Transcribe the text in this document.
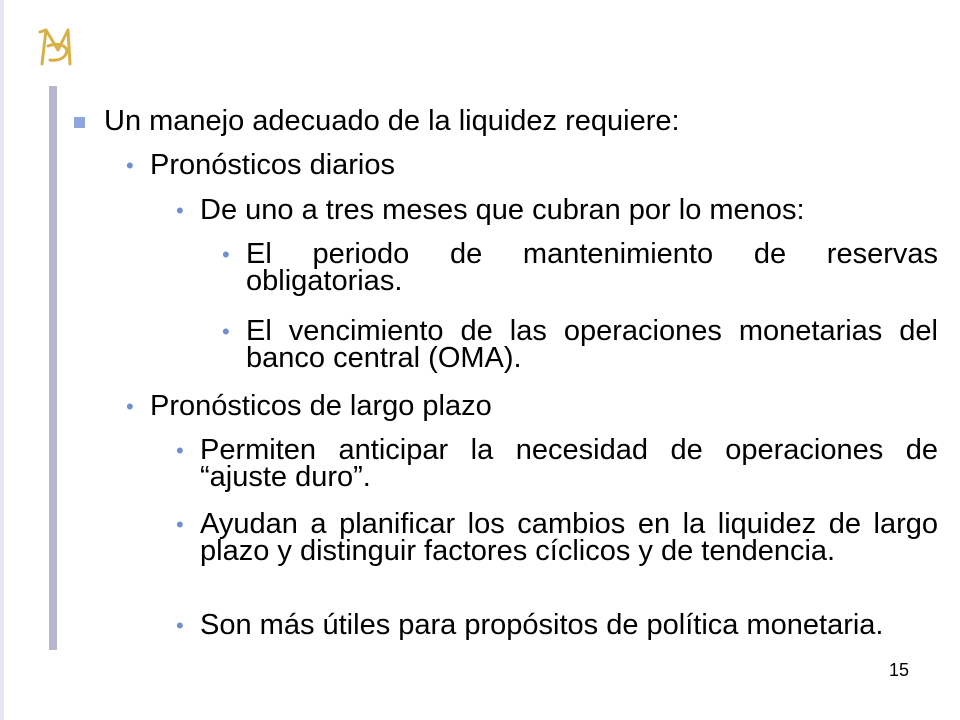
Un manejo adecuado de la liquidez requiere:
• Pronósticos diarios
• De uno a tres meses que cubran por lo menos:
• El periodo de mantenimiento de reservas obligatorias.
• El vencimiento de las operaciones monetarias del banco central (OMA).
• Pronósticos de largo plazo
• Permiten anticipar la necesidad de operaciones de “ajuste duro”.
• Ayudan a planificar los cambios en la liquidez de largo plazo y distinguir factores cíclicos y de tendencia.
• Son más útiles para propósitos de política monetaria.
15
